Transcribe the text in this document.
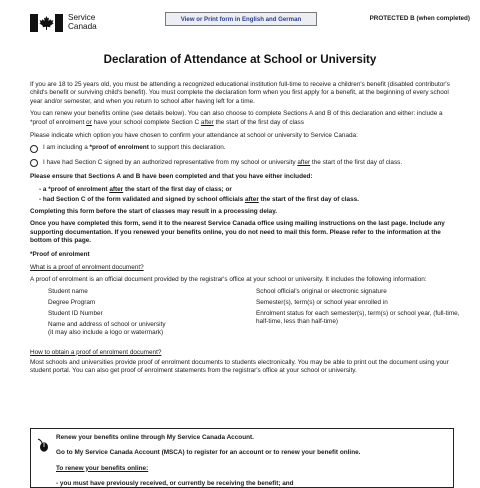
Service
Canada
View or Print form in English and German	PROTECTED B (when completed)
Declaration of Attendance at School or University
If you are 18 to 25 years old, you must be attending a recognized educational institution full-time to receive a children's benefit (disabled contributor's child's benefit or surviving child's benefit). You must complete the declaration form when you first apply for a benefit, at the beginning of every school year and/or semester, and when you return to school after having left for a time.
You can renew your benefits online (see details below). You can also choose to complete Sections A and B of this declaration and either: include a *proof of enrolment or have your school complete Section C after the start of the first day of class
Please indicate which option you have chosen to confirm your attendance at school or university to Service Canada:
I am including a *proof of enrolment to support this declaration.
I have had Section C signed by an authorized representative from my school or university after the start of the first day of class.
Please ensure that Sections A and B have been completed and that you have either included:
- a *proof of enrolment after the start of the first day of class; or
- had Section C of the form validated and signed by school officials after the start of the first day of class.
Completing this form before the start of classes may result in a processing delay.
Once you have completed this form, send it to the nearest Service Canada office using mailing instructions on the last page. Include any supporting documentation. If you renewed your benefits online, you do not need to mail this form. Please refer to the information at the bottom of this page.
*Proof of enrolment
What is a proof of enrolment document?
A proof of enrolment is an official document provided by the registrar's office at your school or university. It includes the following information:
Student name
Degree Program
Student ID Number
Name and address of school or university
(it may also include a logo or watermark)
School official's original or electronic signature
Semester(s), term(s) or school year enrolled in
Enrolment status for each semester(s), term(s) or school year, (full-time, half-time, less than half-time)
How to obtain a proof of enrolment document?
Most schools and universities provide proof of enrolment documents to students electronically. You may be able to print out the document using your student portal. You can also get proof of enrolment statements from the registrar's office at your school or university.
Renew your benefits online through My Service Canada Account.
Go to My Service Canada Account (MSCA) to register for an account or to renew your benefit online.
To renew your benefits online:
- you must have previously received, or currently be receiving the benefit; and
